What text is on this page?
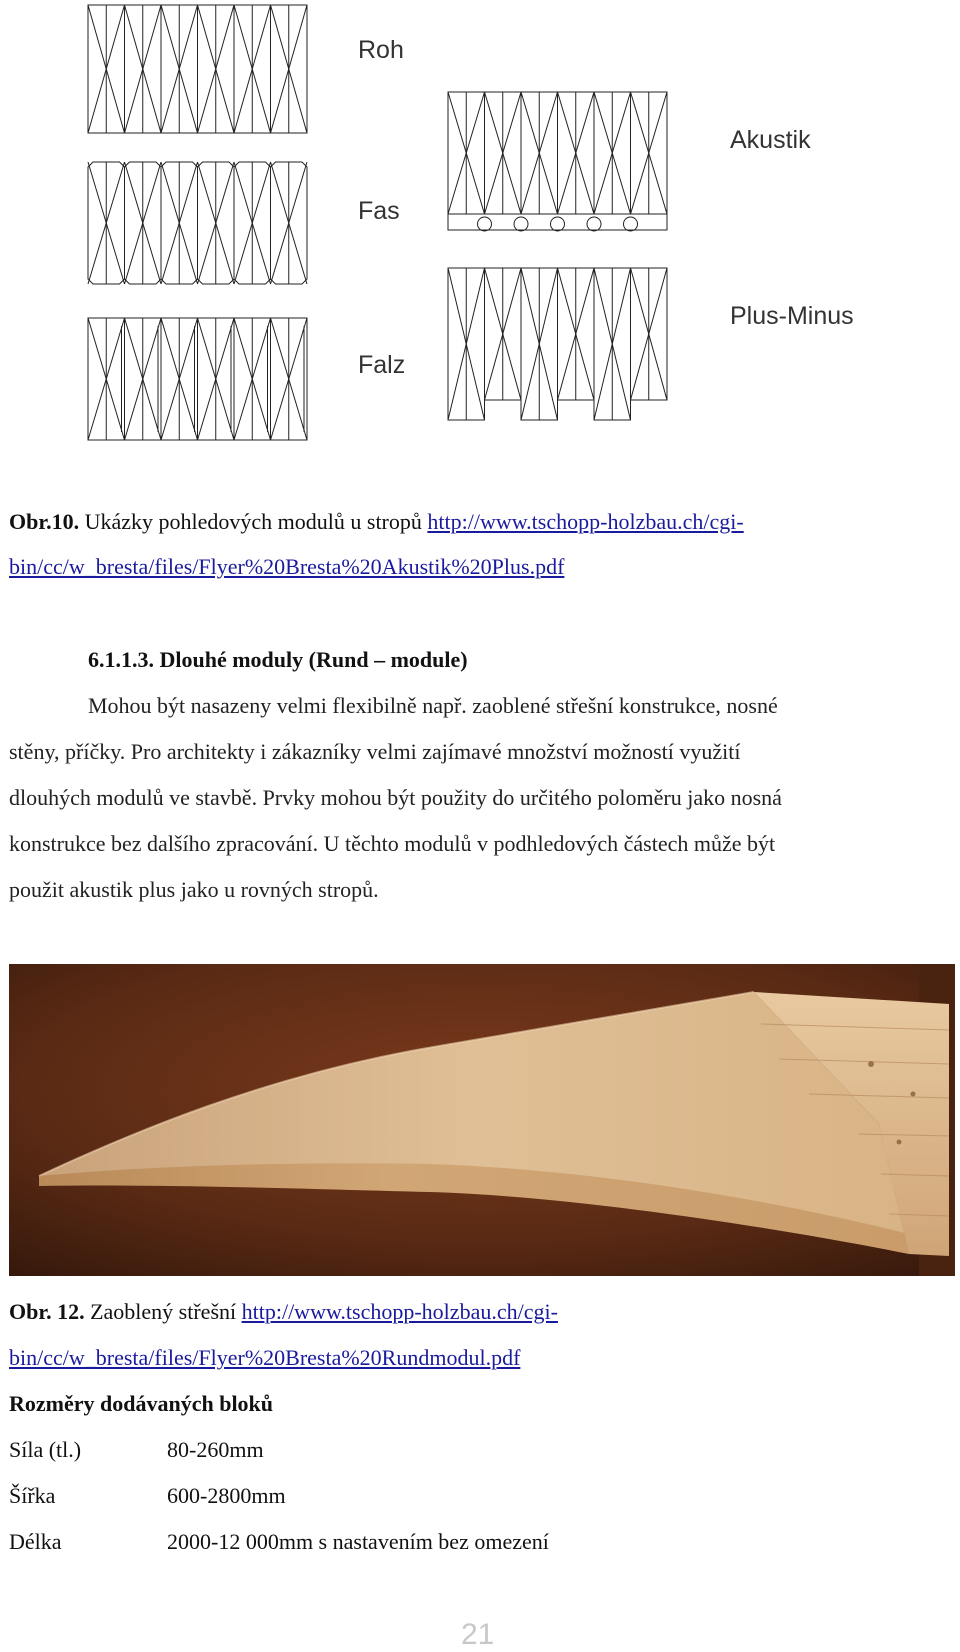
Roh
Fas
Falz
Akustik
Plus-Minus
Obr.10. Ukázky pohledových modulů u stropů http://www.tschopp-holzbau.ch/cgi-
bin/cc/w_bresta/files/Flyer%20Bresta%20Akustik%20Plus.pdf
6.1.1.3. Dlouhé moduly (Rund – module)
Mohou být nasazeny velmi flexibilně např. zaoblené střešní konstrukce, nosné
stěny, příčky. Pro architekty i zákazníky velmi zajímavé množství možností využití
dlouhých modulů ve stavbě. Prvky mohou být použity do určitého poloměru jako nosná
konstrukce bez dalšího zpracování. U těchto modulů v podhledových částech může být
použit akustik plus jako u rovných stropů.
Obr. 12. Zaoblený střešní http://www.tschopp-holzbau.ch/cgi-
bin/cc/w_bresta/files/Flyer%20Bresta%20Rundmodul.pdf
Rozměry dodávaných bloků
Síla (tl.)	80-260mm
Šířka	600-2800mm
Délka	2000-12 000mm s nastavením bez omezení
21
